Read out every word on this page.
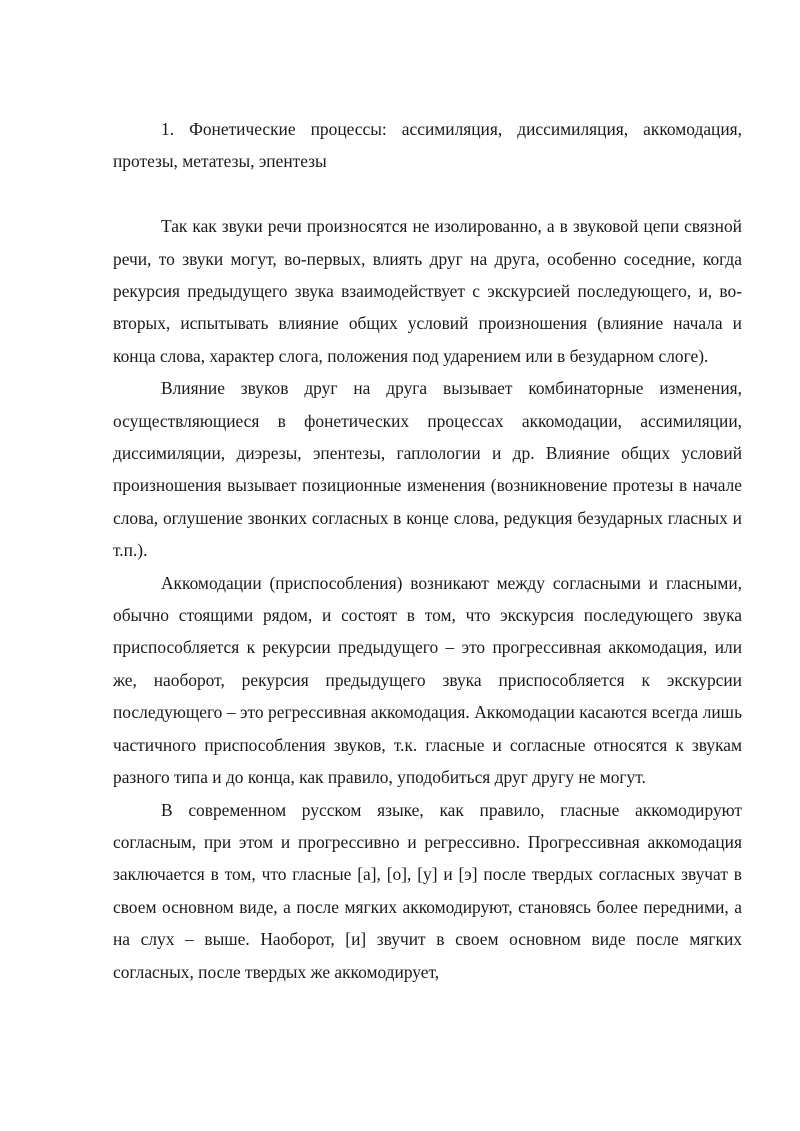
1. Фонетические процессы: ассимиляция, диссимиляция, аккомодация, протезы, метатезы, эпентезы

Так как звуки речи произносятся не изолированно, а в звуковой цепи связной речи, то звуки могут, во-первых, влиять друг на друга, особенно соседние, когда рекурсия предыдущего звука взаимодействует с экскурсией последующего, и, во-вторых, испытывать влияние общих условий произношения (влияние начала и конца слова, характер слога, положения под ударением или в безударном слоге).

Влияние звуков друг на друга вызывает комбинаторные изменения, осуществляющиеся в фонетических процессах аккомодации, ассимиляции, диссимиляции, диэрезы, эпентезы, гаплологии и др. Влияние общих условий произношения вызывает позиционные изменения (возникновение протезы в начале слова, оглушение звонких согласных в конце слова, редукция безударных гласных и т.п.).

Аккомодации (приспособления) возникают между согласными и гласными, обычно стоящими рядом, и состоят в том, что экскурсия последующего звука приспособляется к рекурсии предыдущего – это прогрессивная аккомодация, или же, наоборот, рекурсия предыдущего звука приспособляется к экскурсии последующего – это регрессивная аккомодация. Аккомодации касаются всегда лишь частичного приспособления звуков, т.к. гласные и согласные относятся к звукам разного типа и до конца, как правило, уподобиться друг другу не могут.

В современном русском языке, как правило, гласные аккомодируют согласным, при этом и прогрессивно и регрессивно. Прогрессивная аккомодация заключается в том, что гласные [а], [о], [у] и [э] после твердых согласных звучат в своем основном виде, а после мягких аккомодируют, становясь более передними, а на слух – выше. Наоборот, [и] звучит в своем основном виде после мягких согласных, после твердых же аккомодирует,
